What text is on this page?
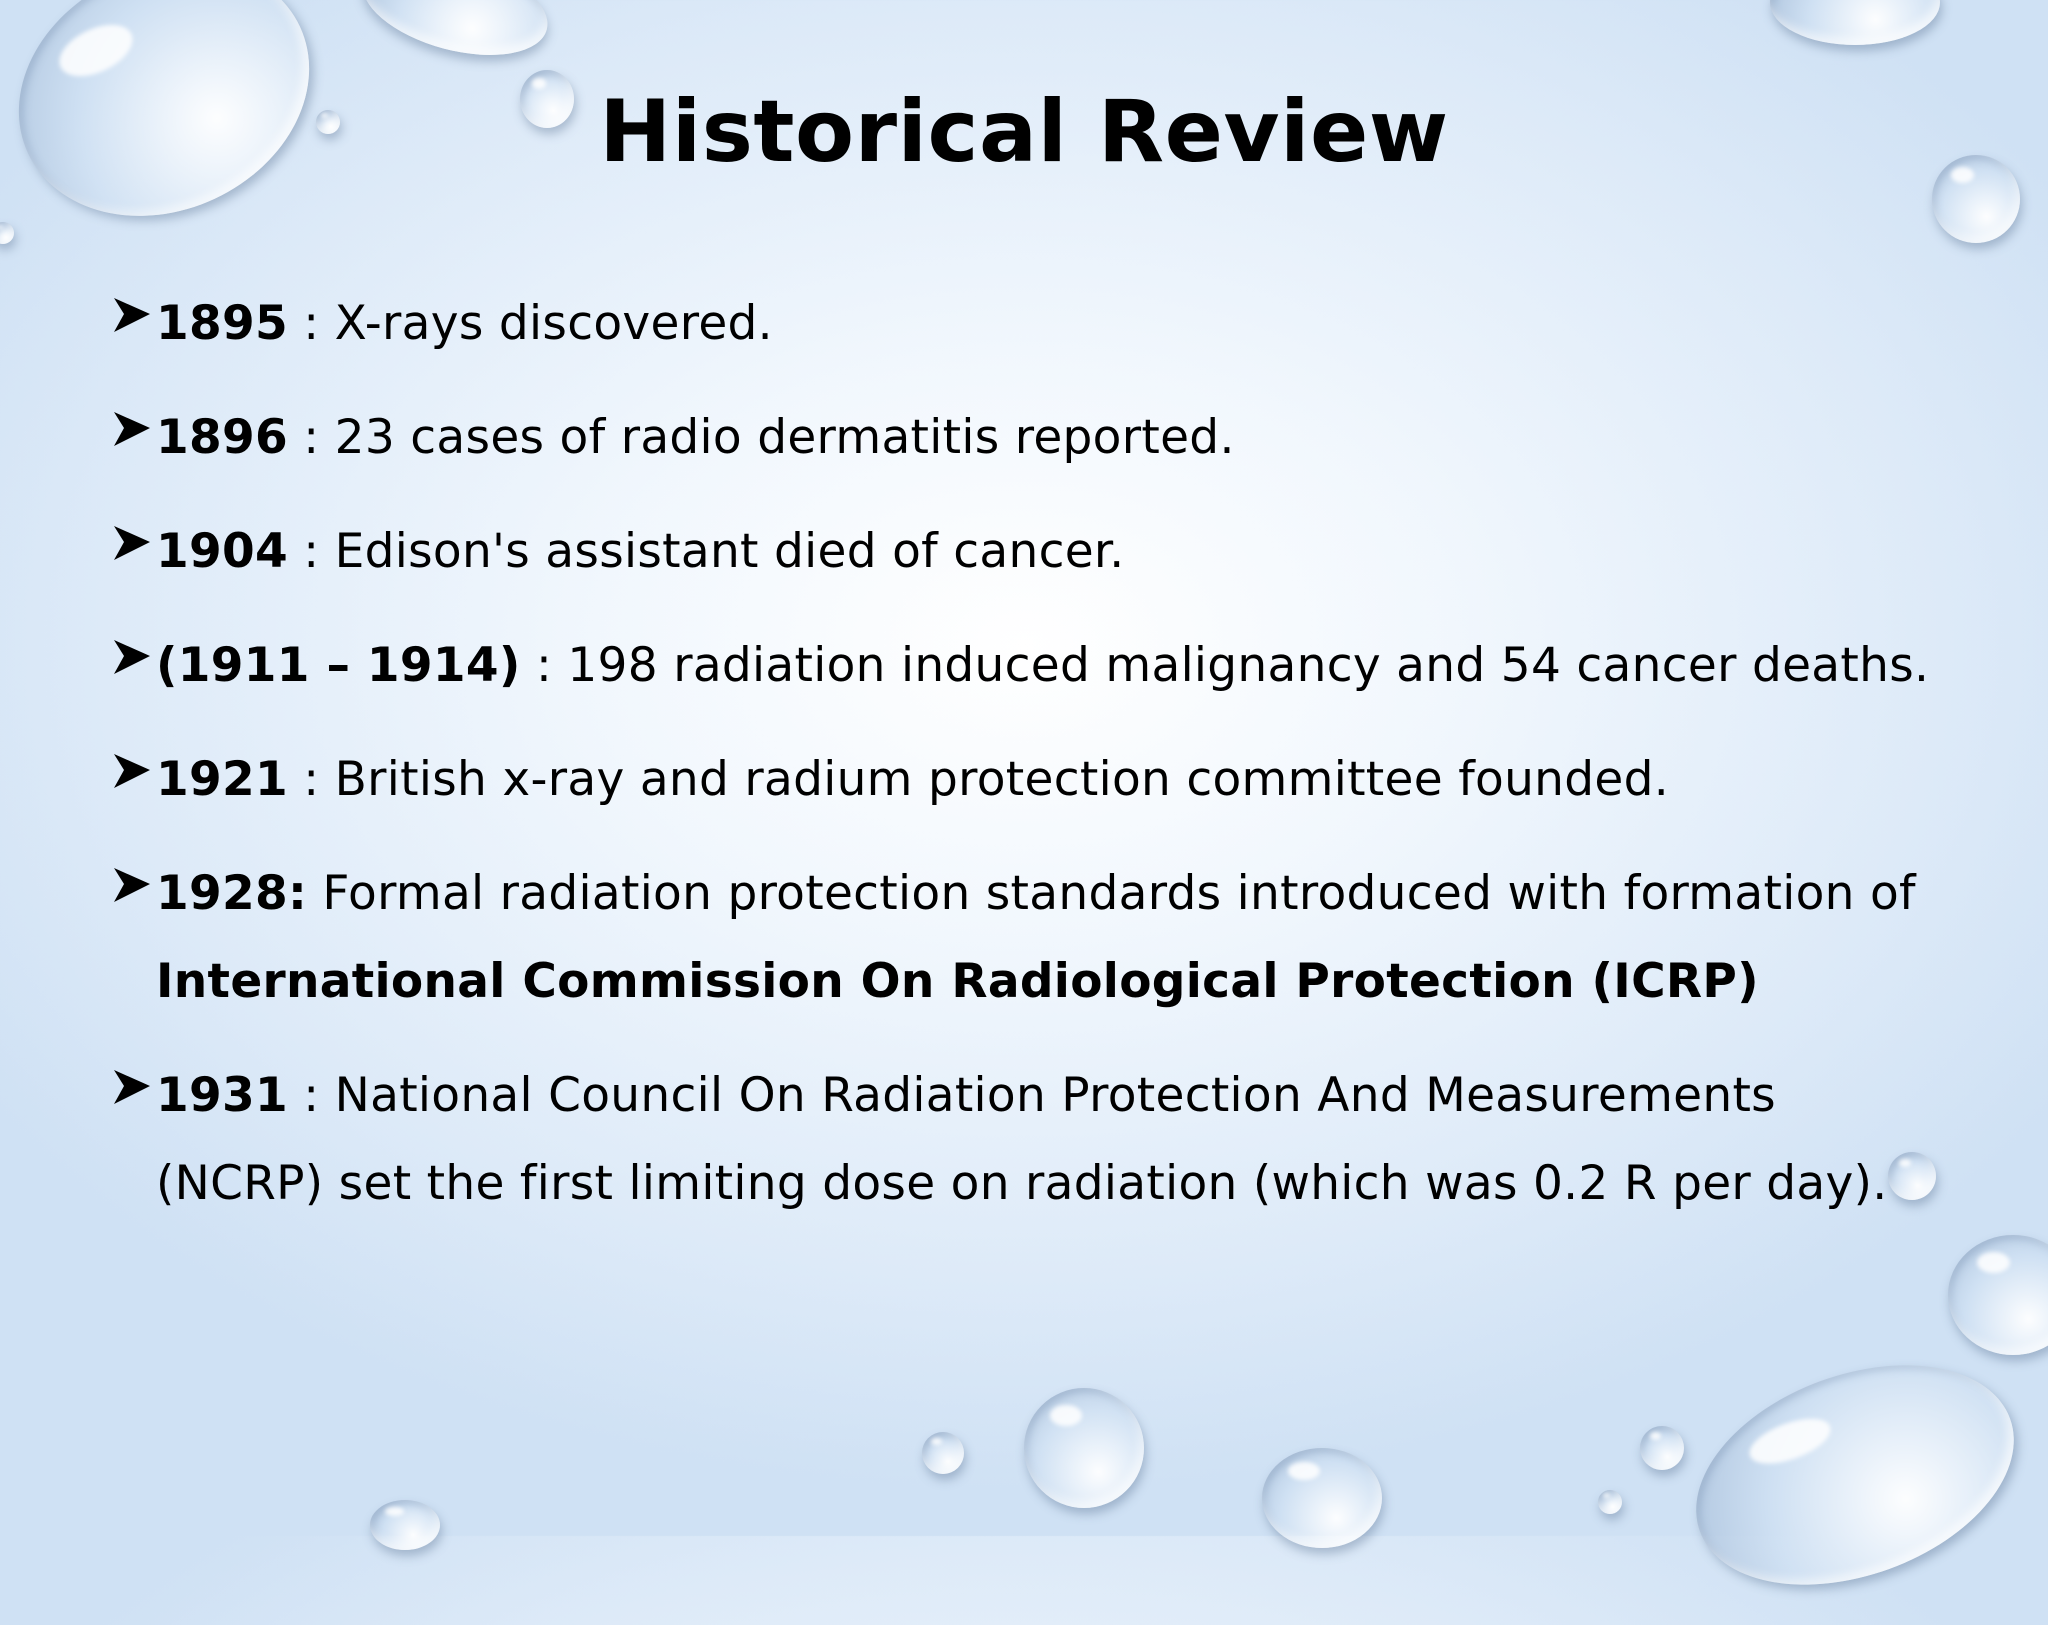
Historical Review
1895 : X-rays discovered.
1896 : 23 cases of radio dermatitis reported.
1904 : Edison's assistant died of cancer.
(1911 – 1914) : 198 radiation induced malignancy and 54 cancer deaths.
1921 : British x-ray and radium protection committee founded.
1928: Formal radiation protection standards introduced with formation of International Commission On Radiological Protection (ICRP)
1931 : National Council On Radiation Protection And Measurements (NCRP) set the first limiting dose on radiation (which was 0.2 R per day).
